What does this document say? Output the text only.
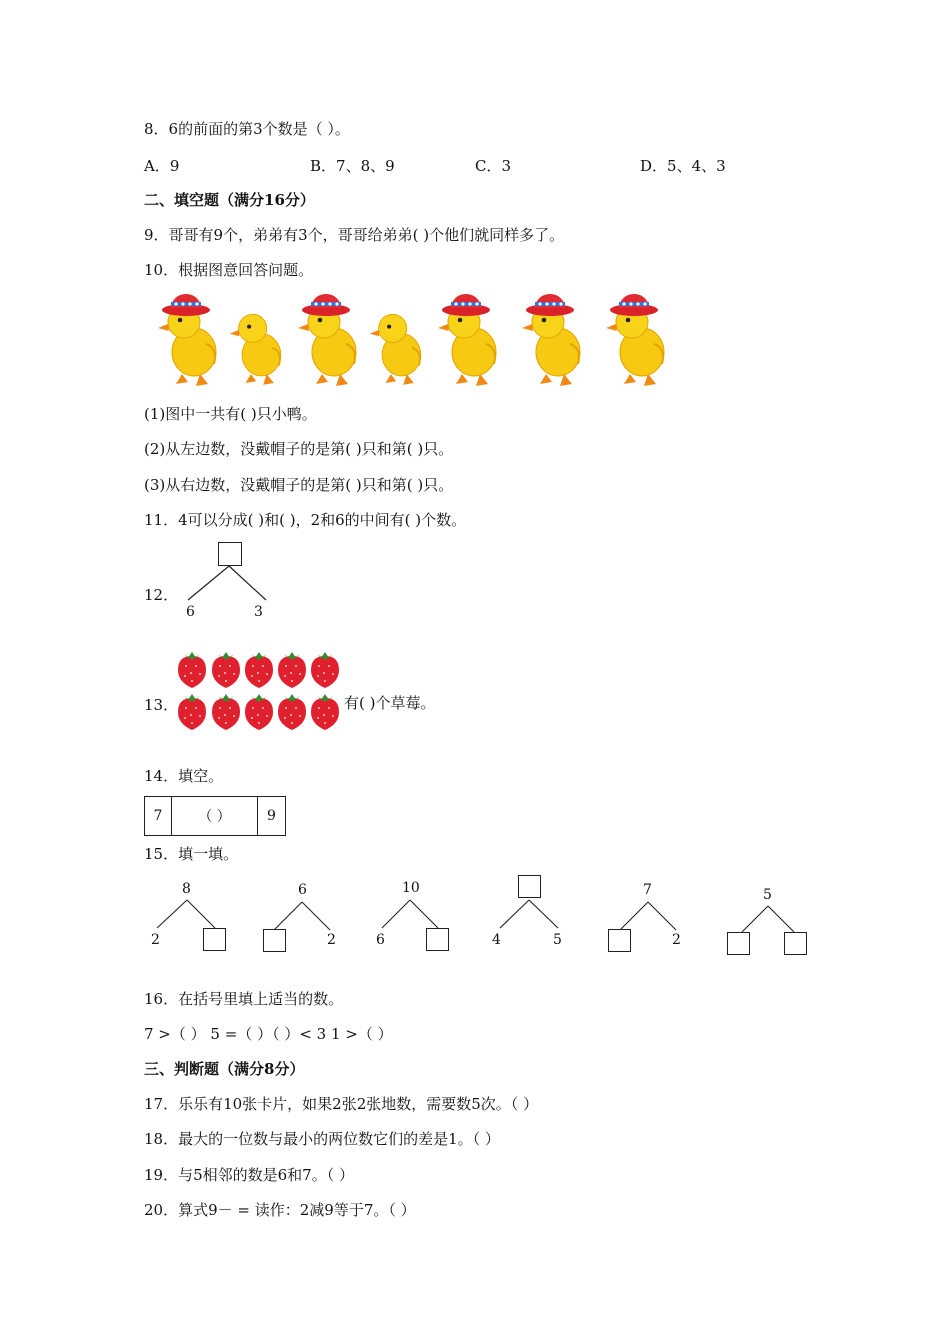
8．6的前面的第3个数是（ ）。
A．9	B．7、8、9	C．3	D．5、4、3
二、填空题（满分16分）
9．哥哥有9个，弟弟有3个，哥哥给弟弟( )个他们就同样多了。
10．根据图意回答问题。
(1)图中一共有( )只小鸭。
(2)从左边数，没戴帽子的是第( )只和第( )只。
(3)从右边数，没戴帽子的是第( )只和第( )只。
11．4可以分成( )和( )，2和6的中间有( )个数。
12．
6	3
13．	有( )个草莓。
14．填空。
7	（ ）	9
15．填一填。
8
2
6
2
10
6	4	5
7
2
5
16．在括号里填上适当的数。
7 >（ ） 5 =（ ）（ ）< 3 1 >（ ）
三、判断题（满分8分）
17．乐乐有10张卡片，如果2张2张地数，需要数5次。（ ）
18．最大的一位数与最小的两位数它们的差是1。（ ）
19．与5相邻的数是6和7。（ ）
20．算式9－ = 读作：2减9等于7。（ ）
